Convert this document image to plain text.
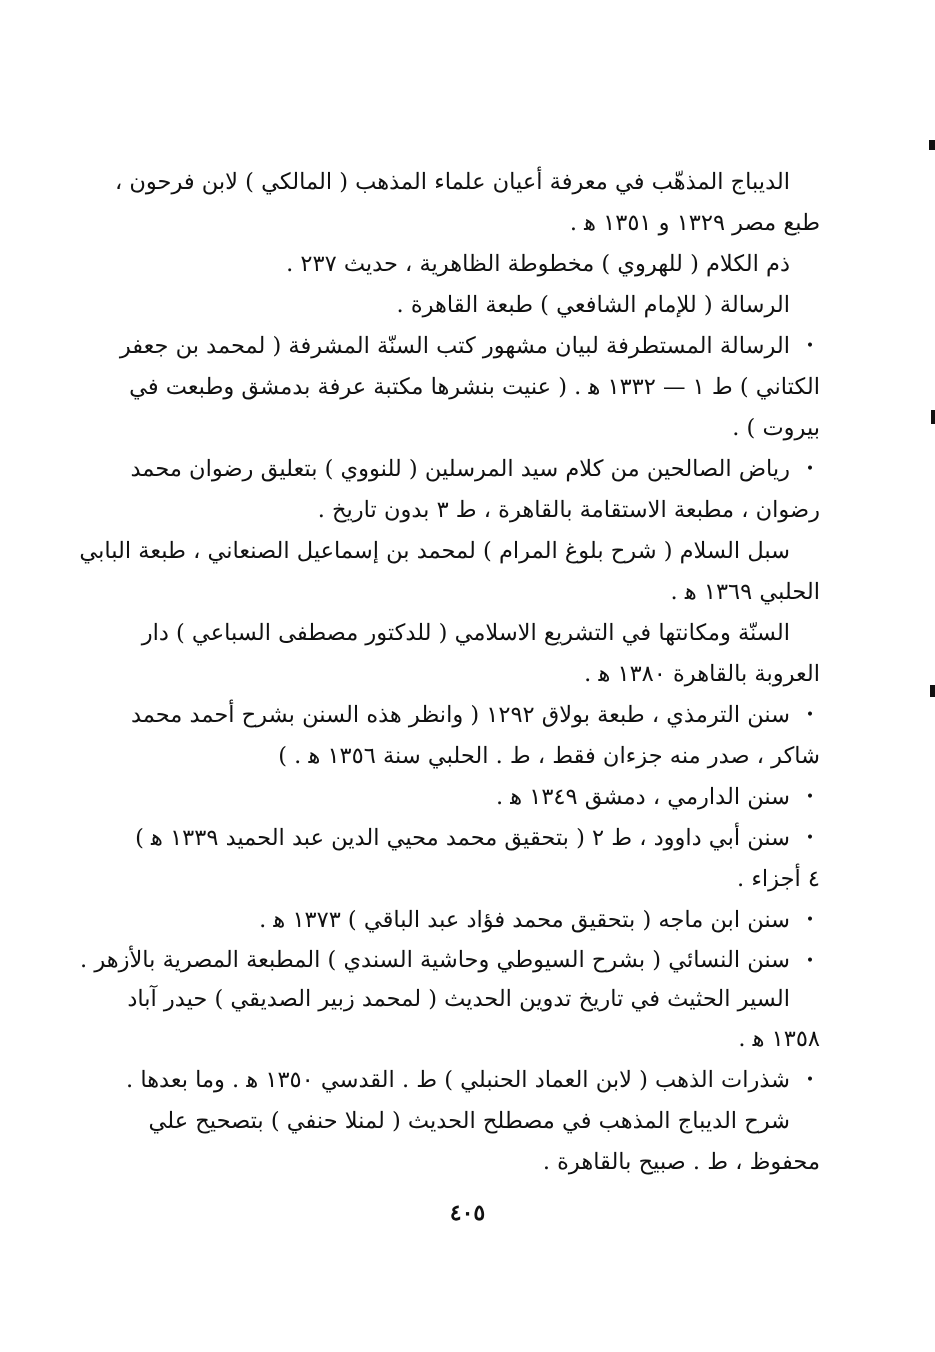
الديباج المذهّب في معرفة أعيان علماء المذهب ( المالكي ) لابن فرحون ،
طبع مصر ١٣٢٩ و ١٣٥١ ﻫ .
ذم الكلام ( للهروي ) مخطوطة الظاهرية ، حديث ٢٣٧ .
الرسالة ( للإمام الشافعي ) طبعة القاهرة .
•
الرسالة المستطرفة لبيان مشهور كتب السنّة المشرفة ( لمحمد بن جعفر
الكتاني ) ط ١ — ١٣٣٢ ﻫ . ( عنيت بنشرها مكتبة عرفة بدمشق وطبعت في
بيروت ) .
•
رياض الصالحين من كلام سيد المرسلين ( للنووي ) بتعليق رضوان محمد
رضوان ، مطبعة الاستقامة بالقاهرة ، ط ٣ بدون تاريخ .
سبل السلام ( شرح بلوغ المرام ) لمحمد بن إسماعيل الصنعاني ، طبعة البابي
الحلبي ١٣٦٩ ﻫ .
السنّة ومكانتها في التشريع الاسلامي ( للدكتور مصطفى السباعي ) دار
العروبة بالقاهرة ١٣٨٠ ﻫ .
•
سنن الترمذي ، طبعة بولاق ١٢٩٢ ( وانظر هذه السنن بشرح أحمد محمد
شاكر ، صدر منه جزءان فقط ، ط . الحلبي سنة ١٣٥٦ ﻫ . )
•
سنن الدارمي ، دمشق ١٣٤٩ ﻫ .
•
سنن أبي داوود ، ط ٢ ( بتحقيق محمد محيي الدين عبد الحميد ١٣٣٩ ﻫ )
٤ أجزاء .
•
سنن ابن ماجه ( بتحقيق محمد فؤاد عبد الباقي ) ١٣٧٣ ﻫ .
•
سنن النسائي ( بشرح السيوطي وحاشية السندي ) المطبعة المصرية بالأزهر .
السير الحثيث في تاريخ تدوين الحديث ( لمحمد زبير الصديقي ) حيدر آباد
١٣٥٨ ﻫ .
•
شذرات الذهب ( لابن العماد الحنبلي ) ط . القدسي ١٣٥٠ ﻫ . وما بعدها .
شرح الديباج المذهب في مصطلح الحديث ( لمنلا حنفي ) بتصحيح علي
محفوظ ، ط . صبيح بالقاهرة .
٤٠٥
